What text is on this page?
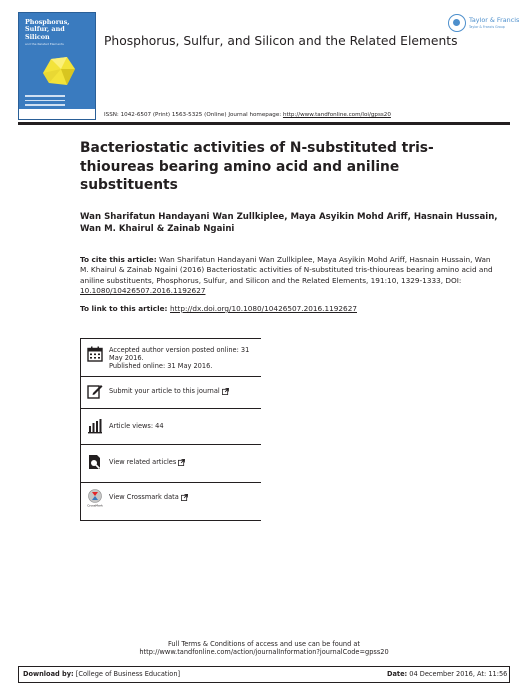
Phosphorus,
Sulfur, and
Silicon
and the Related Elements
Taylor & Francis
Taylor & Francis Group
Phosphorus, Sulfur, and Silicon and the Related Elements
ISSN: 1042-6507 (Print) 1563-5325 (Online) Journal homepage: http://www.tandfonline.com/loi/gpss20
Bacteriostatic activities of N-substituted tris-thioureas bearing amino acid and aniline substituents
Wan Sharifatun Handayani Wan Zullkiplee, Maya Asyikin Mohd Ariff, Hasnain Hussain, Wan M. Khairul & Zainab Ngaini
To cite this article: Wan Sharifatun Handayani Wan Zullkiplee, Maya Asyikin Mohd Ariff, Hasnain Hussain, Wan M. Khairul & Zainab Ngaini (2016) Bacteriostatic activities of N-substituted tris-thioureas bearing amino acid and aniline substituents, Phosphorus, Sulfur, and Silicon and the Related Elements, 191:10, 1329-1333, DOI: 10.1080/10426507.2016.1192627
To link to this article: http://dx.doi.org/10.1080/10426507.2016.1192627
Accepted author version posted online: 31
May 2016.
Published online: 31 May 2016.
Submit your article to this journal
Article views: 44
View related articles
CrossMark
View Crossmark data
Full Terms & Conditions of access and use can be found at
http://www.tandfonline.com/action/journalInformation?journalCode=gpss20
Download by: [College of Business Education]	Date: 04 December 2016, At: 11:56
